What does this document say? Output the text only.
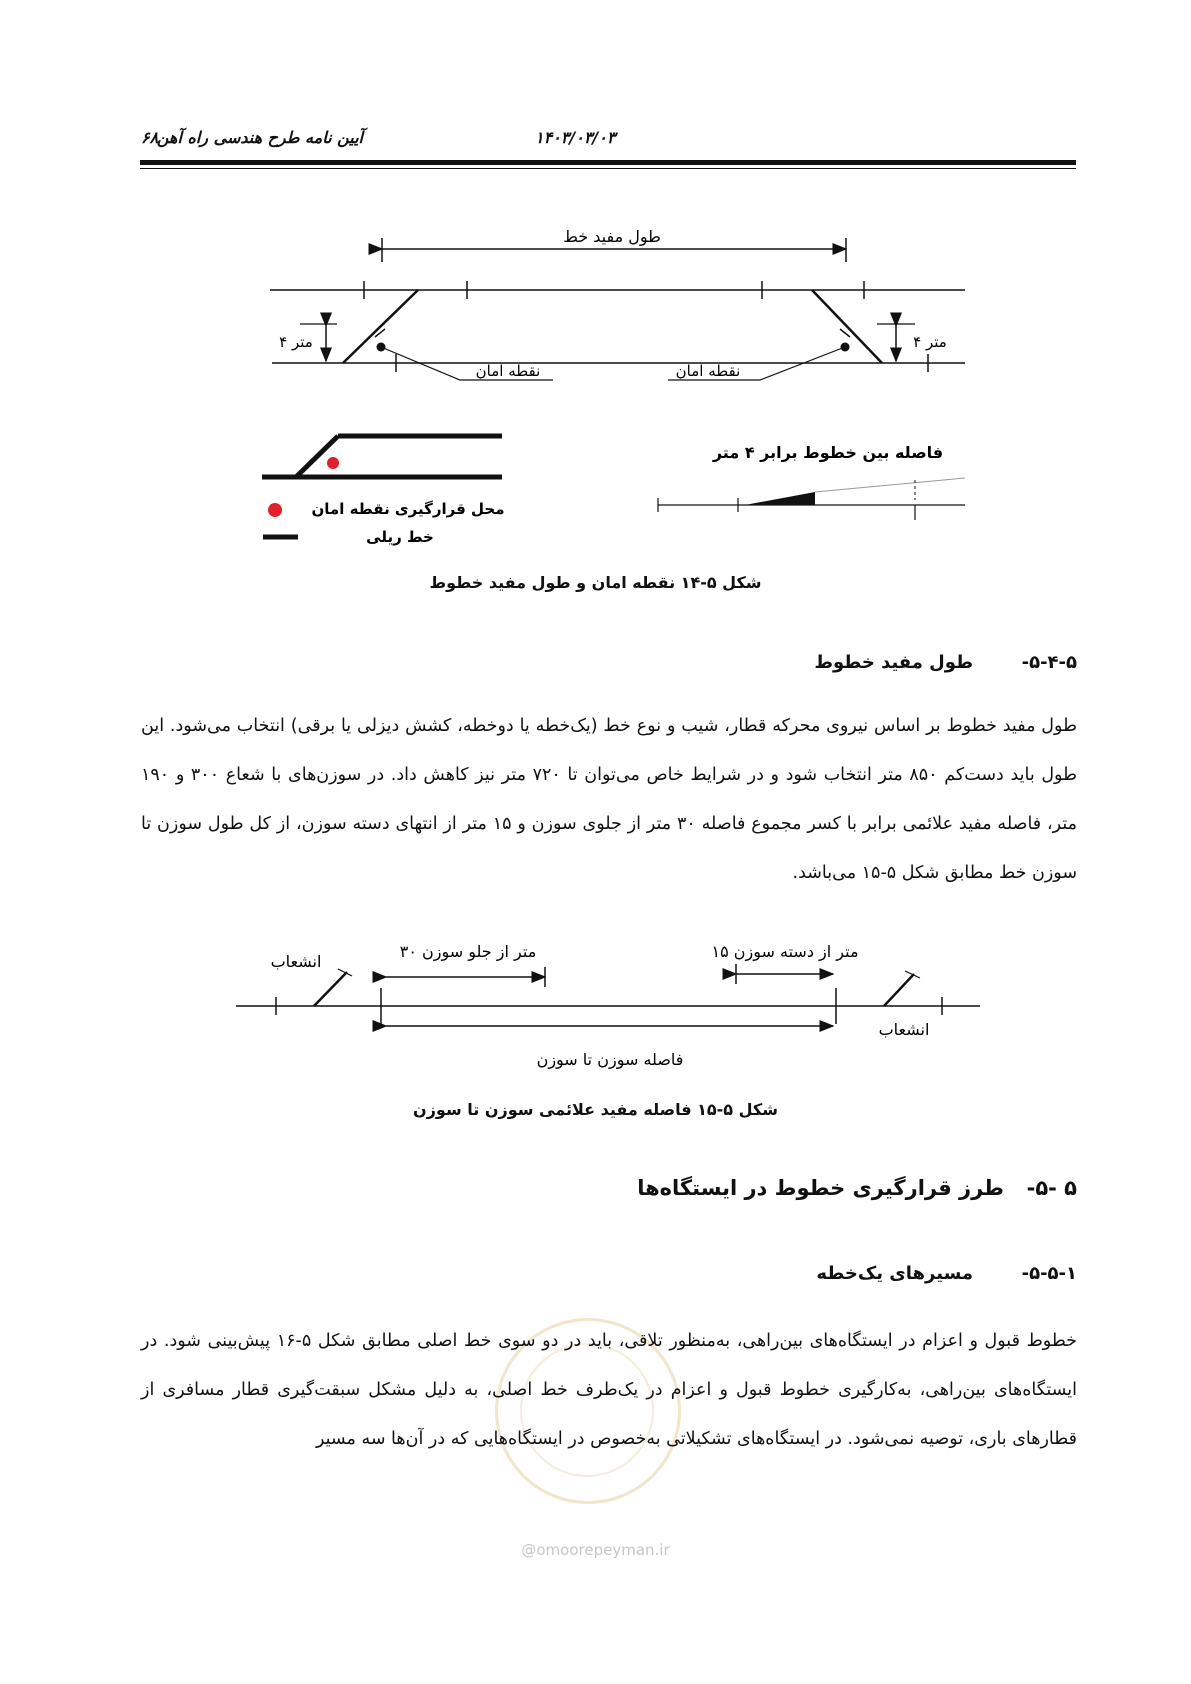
۶۸	۱۴۰۳/۰۳/۰۳
آیین نامه طرح هندسی راه آهن
طول مفید خط
نقطه امان	نقطه امان
۴ متر	۴ متر
محل قرارگیری نقطه امان
خط ریلی
فاصله بین خطوط برابر ۴ متر
شکل ۵-۱۴ نقطه امان و طول مفید خطوط
۵-۴-۵-  طول مفید خطوط
طول مفید خطوط بر اساس نیروی محرکه قطار، شیب و نوع خط (یک‌خطه یا دوخطه، کشش دیزلی یا برقی) انتخاب می‌شود. این طول باید دست‌کم ۸۵۰ متر انتخاب شود و در شرایط خاص می‌توان تا ۷۲۰ متر نیز کاهش داد. در سوزن‌های با شعاع ۳۰۰ و ۱۹۰ متر، فاصله مفید علائمی برابر با کسر مجموع فاصله ۳۰ متر از جلوی سوزن و ۱۵ متر از انتهای دسته سوزن، از کل طول سوزن تا سوزن خط مطابق شکل ۵-۱۵ می‌باشد.
انشعاب
انشعاب
۳۰ متر از جلو سوزن	۱۵ متر از دسته سوزن
فاصله سوزن تا سوزن
شکل ۵-۱۵ فاصله مفید علائمی سوزن تا سوزن
۵ -۵-  طرز قرارگیری خطوط در ایستگاه‌ها
۵-۵-۱-  مسیرهای یک‌خطه
خطوط قبول و اعزام در ایستگاه‌های بین‌راهی، به‌منظور تلاقی، باید در دو سوی خط اصلی مطابق شکل ۵-۱۶ پیش‌بینی شود. در ایستگاه‌های بین‌راهی، به‌کارگیری خطوط قبول و اعزام در یک‌طرف خط اصلی، به دلیل مشکل سبقت‌گیری قطار مسافری از قطارهای باری، توصیه نمی‌شود. در ایستگاه‌های تشکیلاتی به‌خصوص در ایستگاه‌هایی که در آن‌ها سه مسیر
@omoorepeyman.ir
